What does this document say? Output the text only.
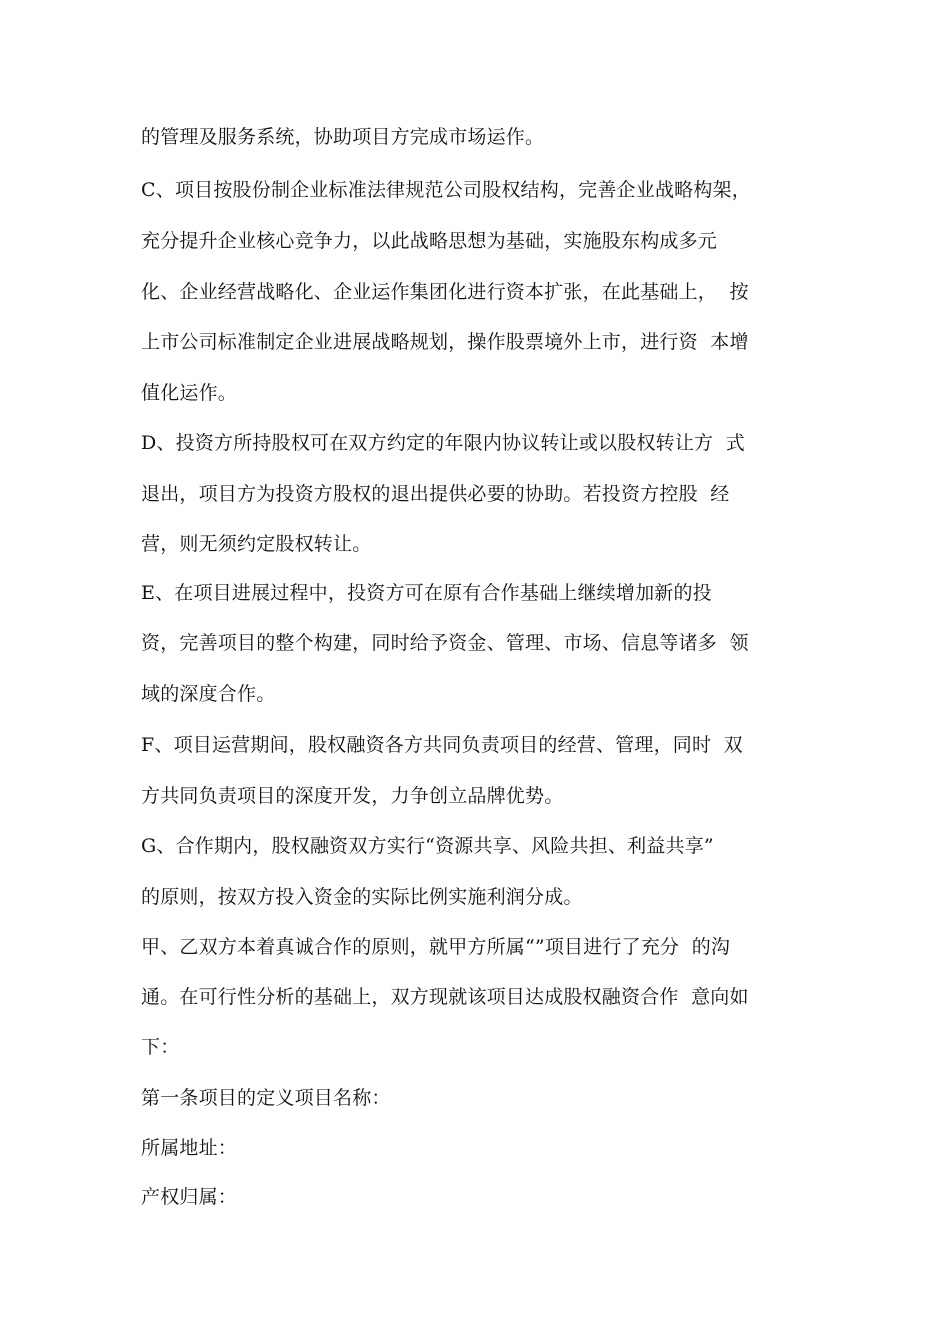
的管理及服务系统，协助项目方完成市场运作。
C、项目按股份制企业标准法律规范公司股权结构，完善企业战略构架，
充分提升企业核心竞争力，以此战略思想为基础，实施股东构成多元
化、企业经营战略化、企业运作集团化进行资本扩张，在此基础上，  按
上市公司标准制定企业进展战略规划，操作股票境外上市，进行资  本增
值化运作。
D、投资方所持股权可在双方约定的年限内协议转让或以股权转让方  式
退出，项目方为投资方股权的退出提供必要的协助。若投资方控股  经
营，则无须约定股权转让。
E、在项目进展过程中，投资方可在原有合作基础上继续增加新的投
资，完善项目的整个构建，同时给予资金、管理、市场、信息等诸多  领
域的深度合作。
F、项目运营期间，股权融资各方共同负责项目的经营、管理，同时  双
方共同负责项目的深度开发，力争创立品牌优势。
G、合作期内，股权融资双方实行“资源共享、风险共担、利益共享”
的原则，按双方投入资金的实际比例实施利润分成。
甲、乙双方本着真诚合作的原则，就甲方所属“”项目进行了充分  的沟
通。在可行性分析的基础上，双方现就该项目达成股权融资合作  意向如
下：
第一条项目的定义项目名称：
所属地址：
产权归属：
